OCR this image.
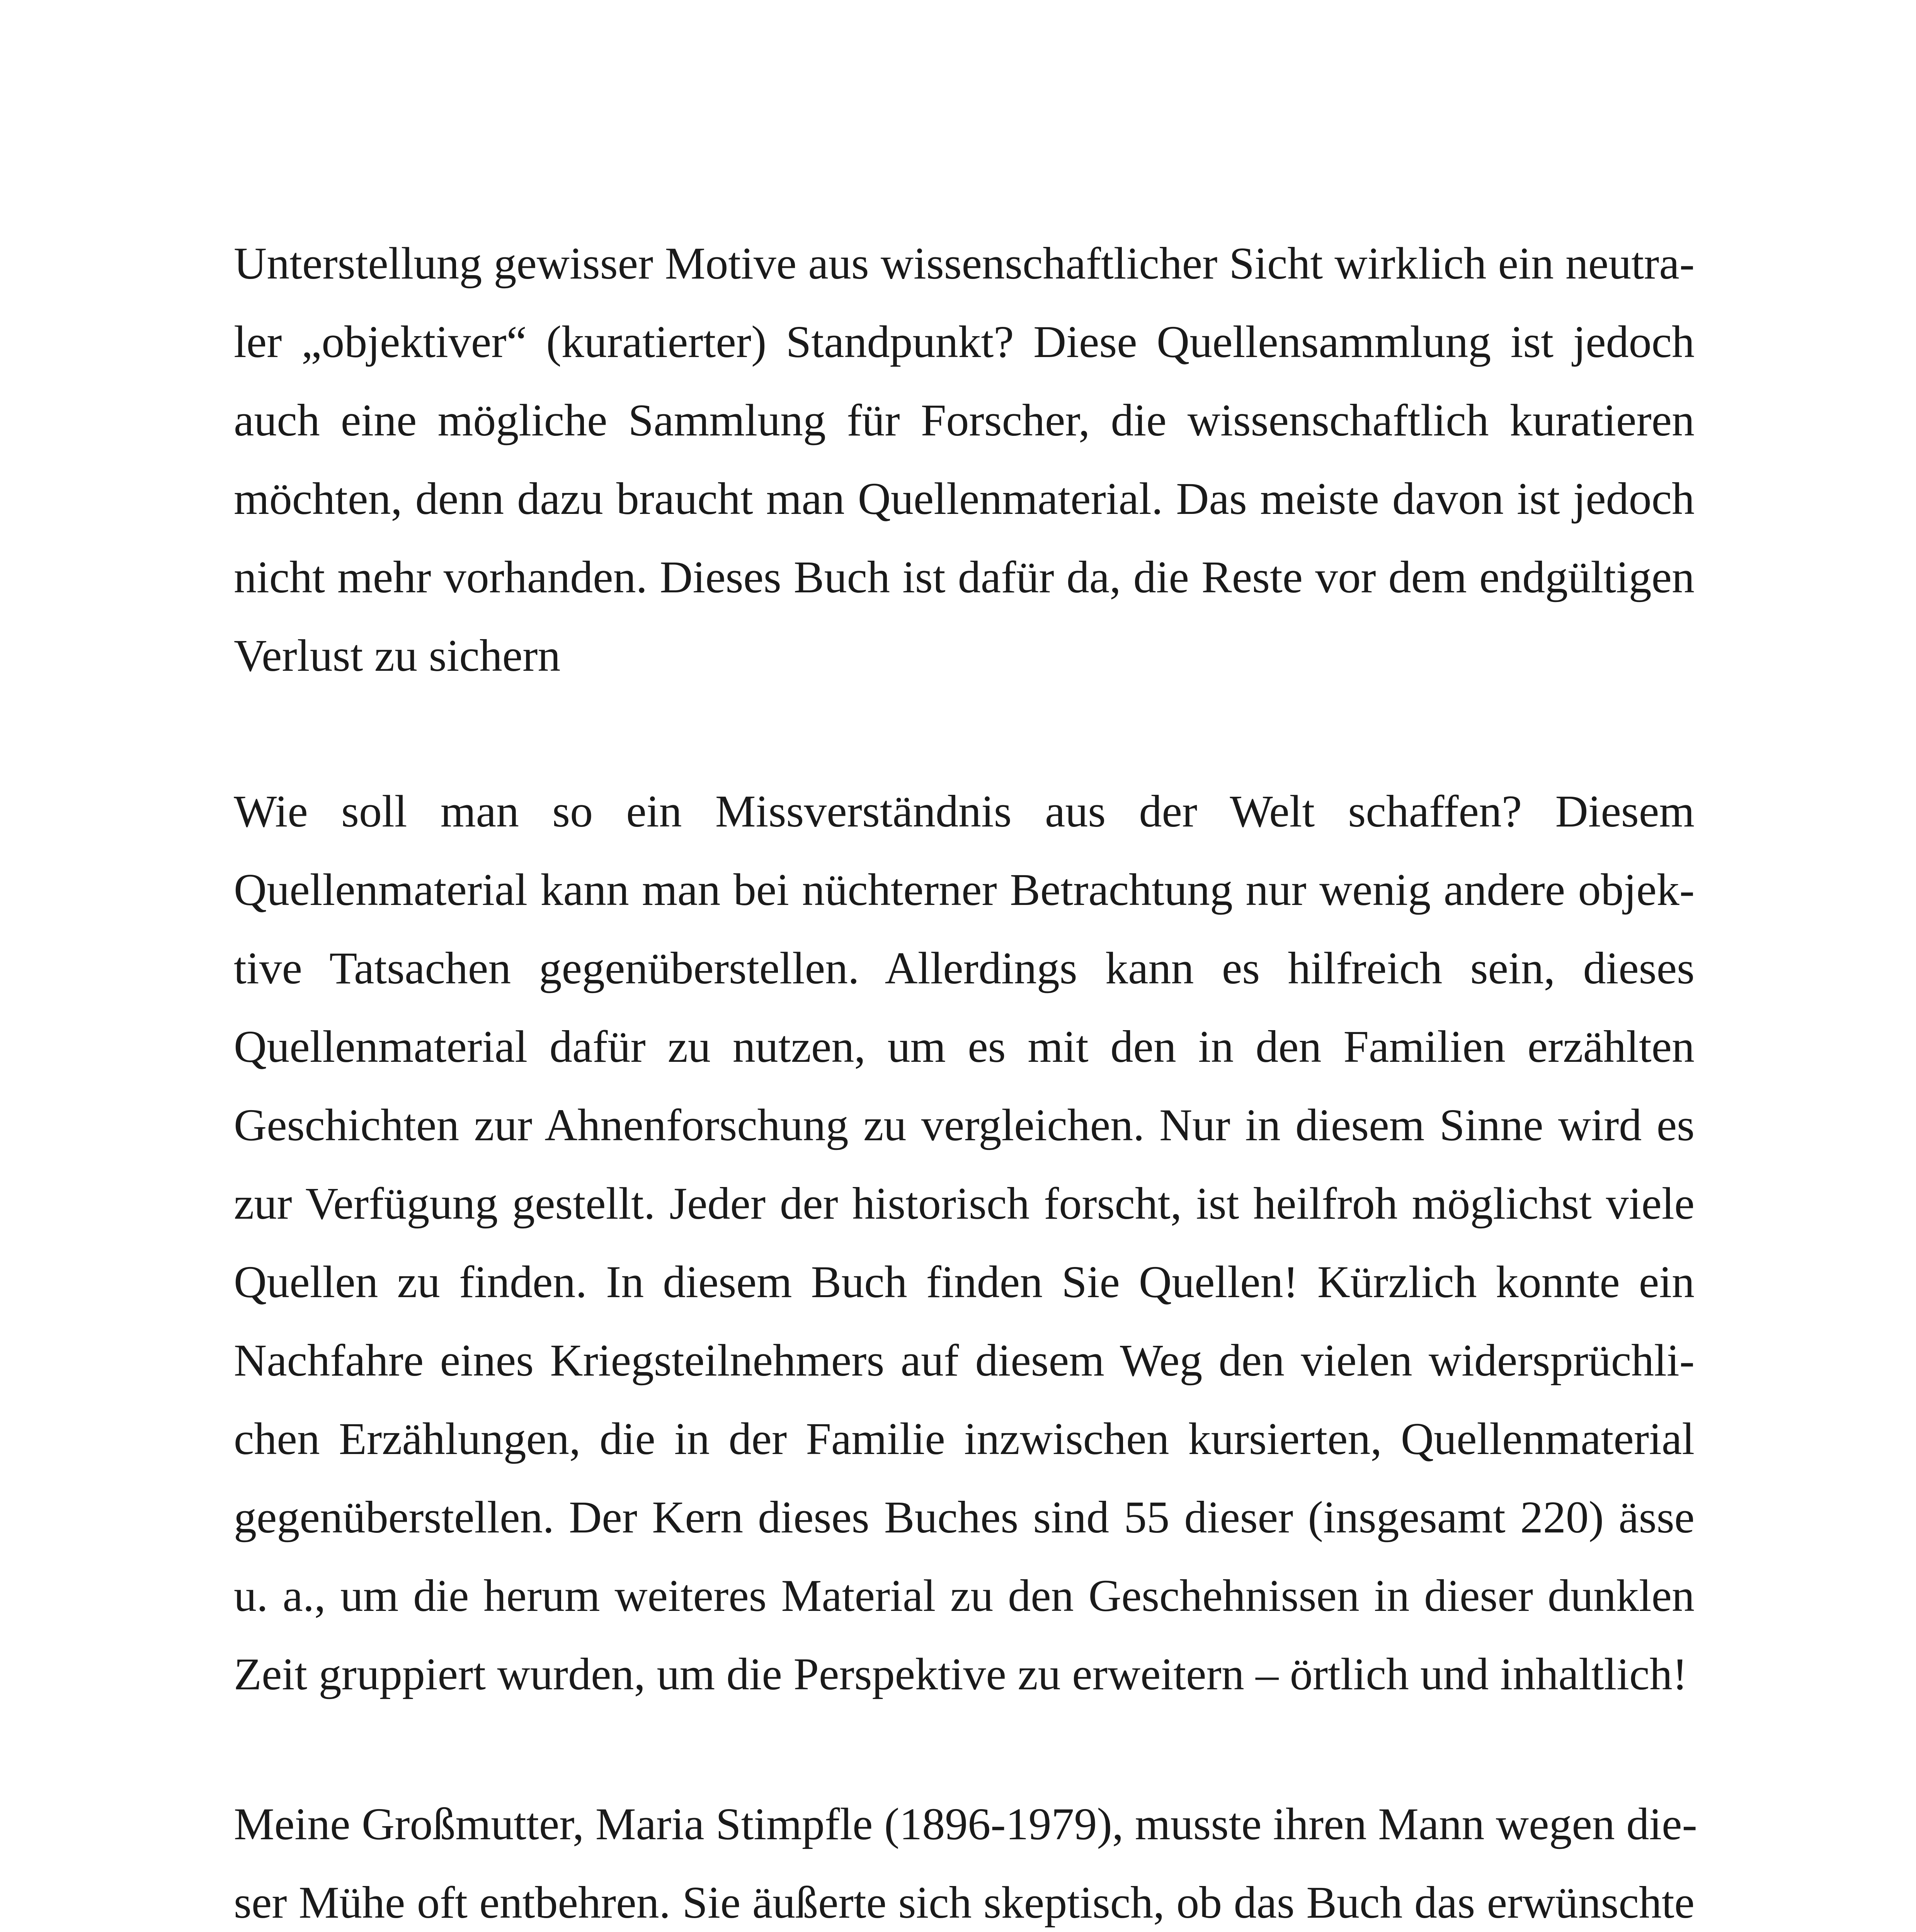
Unterstellung gewisser Motive aus wissenschaftlicher Sicht wirklich ein neutra-
ler „objektiver“ (kuratierter) Standpunkt? Diese Quellensammlung ist jedoch
auch eine mögliche Sammlung für Forscher, die wissenschaftlich kuratieren
möchten, denn dazu braucht man Quellenmaterial. Das meiste davon ist jedoch
nicht mehr vorhanden. Dieses Buch ist dafür da, die Reste vor dem endgültigen
Verlust zu sichern
Wie soll man so ein Missverständnis aus der Welt schaffen? Diesem
Quellenmaterial kann man bei nüchterner Betrachtung nur wenig andere objek-
tive Tatsachen gegenüberstellen. Allerdings kann es hilfreich sein, dieses
Quellenmaterial dafür zu nutzen, um es mit den in den Familien erzählten
Geschichten zur Ahnenforschung zu vergleichen. Nur in diesem Sinne wird es
zur Verfügung gestellt. Jeder der historisch forscht, ist heilfroh möglichst viele
Quellen zu finden. In diesem Buch finden Sie Quellen! Kürzlich konnte ein
Nachfahre eines Kriegsteilnehmers auf diesem Weg den vielen widersprüchli-
chen Erzählungen, die in der Familie inzwischen kursierten, Quellenmaterial
gegenüberstellen. Der Kern dieses Buches sind 55 dieser (insgesamt 220) ässe
u. a., um die herum weiteres Material zu den Geschehnissen in dieser dunklen
Zeit gruppiert wurden, um die Perspektive zu erweitern – örtlich und inhaltlich!
Meine Großmutter, Maria Stimpfle (1896-1979), musste ihren Mann wegen die-
ser Mühe oft entbehren. Sie äußerte sich skeptisch, ob das Buch das erwünschte
